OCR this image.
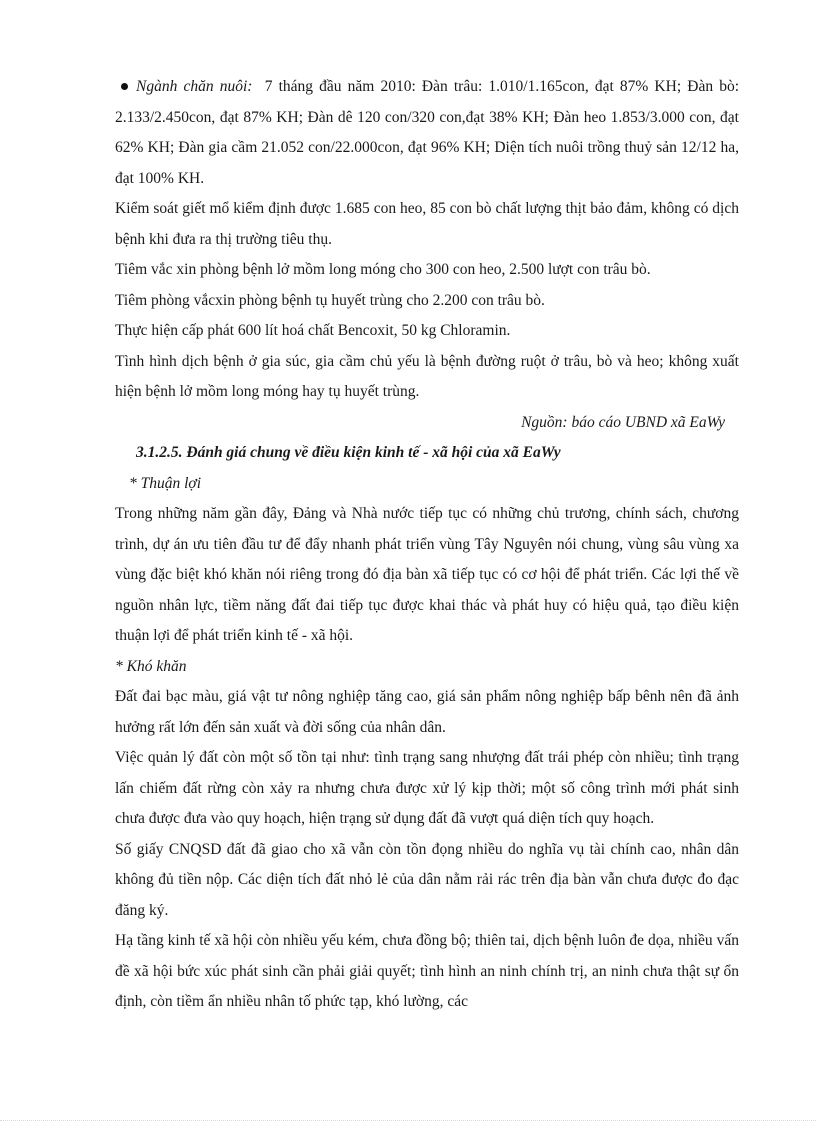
Ngành chăn nuôi: 7 tháng đầu năm 2010: Đàn trâu: 1.010/1.165con, đạt 87% KH; Đàn bò: 2.133/2.450con, đạt 87% KH; Đàn dê 120 con/320 con,đạt 38% KH; Đàn heo 1.853/3.000 con, đạt 62% KH; Đàn gia cầm 21.052 con/22.000con, đạt 96% KH; Diện tích nuôi trồng thuỷ sản 12/12 ha, đạt 100% KH.

Kiểm soát giết mổ kiểm định được 1.685 con heo, 85 con bò chất lượng thịt bảo đảm, không có dịch bệnh khi đưa ra thị trường tiêu thụ.

Tiêm vắc xin phòng bệnh lở mồm long móng cho 300 con heo, 2.500 lượt con trâu bò.

Tiêm phòng vắcxin phòng bệnh tụ huyết trùng cho 2.200 con trâu bò.

Thực hiện cấp phát 600 lít hoá chất Bencoxit, 50 kg Chloramin.

Tình hình dịch bệnh ở gia súc, gia cầm chủ yếu là bệnh đường ruột ở trâu, bò và heo; không xuất hiện bệnh lở mồm long móng hay tụ huyết trùng.

Nguồn: báo cáo UBND xã EaWy

3.1.2.5. Đánh giá chung về điều kiện kinh tế - xã hội của xã EaWy

* Thuận lợi

Trong những năm gần đây, Đảng và Nhà nước tiếp tục có những chủ trương, chính sách, chương trình, dự án ưu tiên đầu tư để đẩy nhanh phát triển vùng Tây Nguyên nói chung, vùng sâu vùng xa vùng đặc biệt khó khăn nói riêng trong đó địa bàn xã tiếp tục có cơ hội để phát triển. Các lợi thế về nguồn nhân lực, tiềm năng đất đai tiếp tục được khai thác và phát huy có hiệu quả, tạo điều kiện thuận lợi để phát triển kinh tế - xã hội.

* Khó khăn

Đất đai bạc màu, giá vật tư nông nghiệp tăng cao, giá sản phẩm nông nghiệp bấp bênh nên đã ảnh hưởng rất lớn đến sản xuất và đời sống của nhân dân.

Việc quản lý đất còn một số tồn tại như: tình trạng sang nhượng đất trái phép còn nhiều; tình trạng lấn chiếm đất rừng còn xảy ra nhưng chưa được xử lý kịp thời; một số công trình mới phát sinh chưa được đưa vào quy hoạch, hiện trạng sử dụng đất đã vượt quá diện tích quy hoạch.

Số giấy CNQSD đất đã giao cho xã vẫn còn tồn đọng nhiều do nghĩa vụ tài chính cao, nhân dân không đủ tiền nộp. Các diện tích đất nhỏ lẻ của dân nằm rải rác trên địa bàn vẫn chưa được đo đạc đăng ký.

Hạ tầng kinh tế xã hội còn nhiều yếu kém, chưa đồng bộ; thiên tai, dịch bệnh luôn đe dọa, nhiều vấn đề xã hội bức xúc phát sinh cần phải giải quyết; tình hình an ninh chính trị, an ninh chưa thật sự ổn định, còn tiềm ẩn nhiều nhân tố phức tạp, khó lường, các
